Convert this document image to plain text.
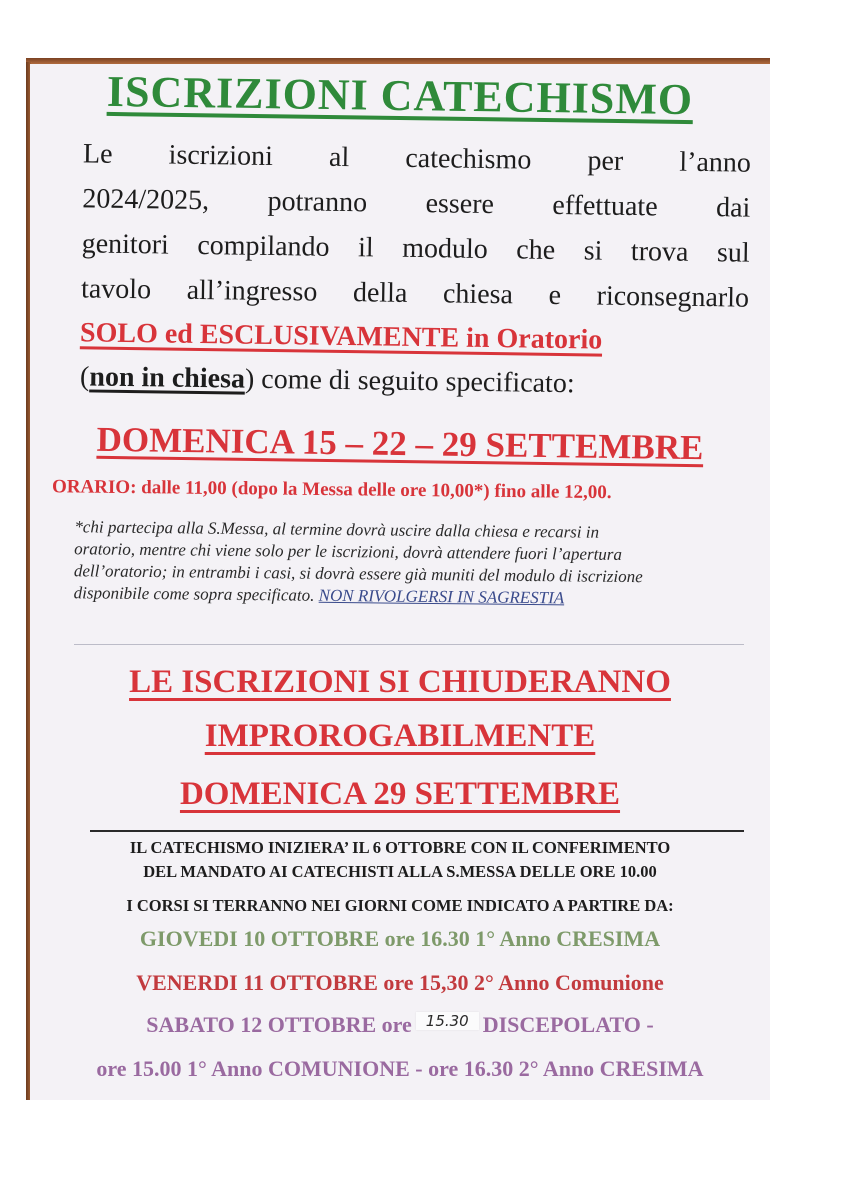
ISCRIZIONI CATECHISMO
Le iscrizioni al catechismo per l’anno
2024/2025, potranno essere effettuate dai
genitori compilando il modulo che si trova sul
tavolo all’ingresso della chiesa e riconsegnarlo
SOLO ed ESCLUSIVAMENTE in Oratorio
(non in chiesa) come di seguito specificato:
DOMENICA 15 – 22 – 29 SETTEMBRE
ORARIO: dalle 11,00 (dopo la Messa delle ore 10,00*) fino alle 12,00.
*chi partecipa alla S.Messa, al termine dovrà uscire dalla chiesa e recarsi in
oratorio, mentre chi viene solo per le iscrizioni, dovrà attendere fuori l’apertura
dell’oratorio; in entrambi i casi, si dovrà essere già muniti del modulo di iscrizione
disponibile come sopra specificato. NON RIVOLGERSI IN SAGRESTIA
LE ISCRIZIONI SI CHIUDERANNO
IMPROROGABILMENTE
DOMENICA 29 SETTEMBRE
IL CATECHISMO INIZIERA’ IL 6 OTTOBRE CON IL CONFERIMENTO
DEL MANDATO AI CATECHISTI ALLA S.MESSA DELLE ORE 10.00
I CORSI SI TERRANNO NEI GIORNI COME INDICATO A PARTIRE DA:
GIOVEDI 10 OTTOBRE ore 16.30 1° Anno CRESIMA
VENERDI 11 OTTOBRE ore 15,30 2° Anno Comunione
SABATO 12 OTTOBRE ore 15.30 DISCEPOLATO -
ore 15.00 1° Anno COMUNIONE - ore 16.30 2° Anno CRESIMA
